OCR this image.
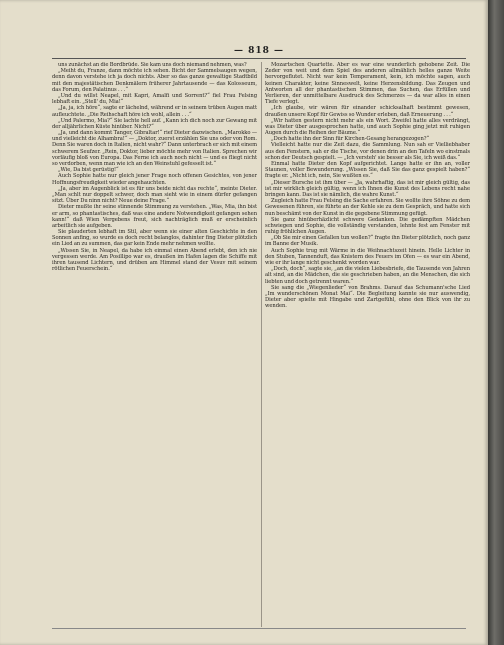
— 818 —

uns zunächst an die Bordbrüde. Sie kam uns doch niemand nehmen, was?

„Meiht du, Franze, dann möchte ich sehen. Bicht der Sammelsaugen wegen, denn davon verstehe ich ja doch nichts. Aber so das ganze gewaltige Stadtbild mit den majestätischen Denkmälern früherer Jahrtausende — das Kolosseum, das Forum, den Palatinus . . .“

„Und du willst Neapel, mit Kapri, Amalfi und Sorrent?“ fiel Frau Felsing lebhaft ein. „Stell' du, Mia!“

„Ja, ja, ich höre“, sagte er lächelnd, während er in seinem trüben Augen matt aufleuchtete. „Die Reihschaft höre ich wohl, allein . . .“

„Und Palermo, Mia?“ Sie lachte hell auf. „Kann ich dich noch zur Gewang mit der alljährlichen Küste hinüber. Nicht?“

„Ja, und dann kommt Tanger, Gibraltar!“ rief Dieter dazwischen. „Marokko — und vielleicht die Alhambra!“ — „Doktor, zuerst erzählen Sie uns oder von Rom. Denn Sie waren doch in Italien, nicht wahr?“ Dann unterbrach er sich mit einem schwerem Seufzer. „Rein, Doktor, lieber möchte mehr von Italien. Sprechen wir vorläufig bloß von Europa. Das Ferne ich auch noch nicht — und es fliegt nicht so verdorben, wenn man wie ich an den Weinstuhl gefesselt ist.“

„Wie, Da bist gerüstig!“

Auch Sophie hatte nur gleich jener Frage noch offenen Gesichtes, von jener Hoffnungsfreudigkeit wieder angehauchten.

„Ja, aber im Augenblick ist es für uns beide nicht das rechte“, meinte Dieter. „Man schlt nur doppelt schwer, doch man sieht wie in einem dürfer gefangen sitzt. Über Du ninn nicht? Neue deine Frage.“

Dieter mußte ihr seine stinnende Stimmung zu verstehen. „Was, Mia, ihn bist er arm, so phantastisches, daß was eine andere Notwendigkeit gefangen sehen kann!“ daß Wien Vergebens freut, sich nachträglich muß er erscheinlich arbeitlich sie aufgeben.

Sie plauderten lebhaft im Stil, aber wenn sie einer alten Geschichte in den Sonnen anfing, so wurde es doch recht belanglos, dahinter fing Dieter plötzlich ein Lied an zu summen, das gar kein Ende mehr nehmen wollte.

„Wissen Sie, in Neapel, da habe ich einmal einen Abend erlebt, den ich nie vergessen werde. Am Posillipo war es, draußen im Hafen lagen die Schiffe mit ihren tausend Lichtern, und drüben am Himmel stand der Vesuv mit seinem rötlichen Feuerschein.“

Mozartschen Quartette. Aber es war eine wunderlich gehobene Zeit. Die Zeder von weit und dem Spiel des anderen allmählich helles ganze Weite hervorgeflutet. Nicht war kein Temperament, kein, ich möchte sagen, auch keinen Charakter, keine Sinneswelt, keine Herzensbildung. Das Zeugen und Antworten all der phantastischen Stimmen, das Suchen, das Erfüllen und Verlieren, der unmittelbare Ausdruck des Schmerzes — da war alles in einen Tiefe verlegt.

„Ich glaube, wir wären für einander schicksalhaft bestimmt gewesen, draußen unsere Kopf für Gewiss so Wunder erleben, daß Erneuerung . . .“

„Wir hatten gestern nicht mehr als ein Wort. Zweifel hatte alles verdrängt, was Dieter über ausgesprochen hatte, und auch Sophie ging jetzt mit ruhigen Augen durch die Reihen der Bäume.“

„Doch hatte ihn der Sinn für Kirchen-Gesang herangezogen?“

Vielleicht hatte nur die Zeit dazu, die Sammlung. Nun sah er Vielliebhaber aus den Fenstern, sah er die Tische, vor denen drin an den Tafeln wo einstmals schon der Deutsch gespielt. — „Ich versteh' sie besser als Sie, ich weiß das.“

Einmal hatte Dieter den Kopf aufgerichtet. Lange hatte er ihn an, voller Staunen, voller Bewunderung. „Wissen Sie, daß Sie das ganz gespielt haben?“ fragte er. „Nicht ich, nein, Sie wußten es.“

„Dieser Bursche ist ihm über — „Ja, wahrhaftig, das ist mir gleich gültig, das ist mir wirklich gleich gültig, wenn ich Ihnen die Kunst des Lebens recht nahe bringen kann. Das ist sie nämlich, die wahre Kunst.“

Zugleich hatte Frau Felsing die Sache erfahren. Sie wollte ihre Söhne zu dem Gewesenen führen, sie führte an der Kehle sie zu dem Gespräch, und hatte sich nun beschämt von der Kunst in die gegebene Stimmung gefügt.

Sie ganz hinüberhäzlicht schwere Gedanken. Die gedämpften Mädchen schwiegen und Sophie, die vollständig verstanden, lehnte fest am Fenster mit ruhig fröhlichen Augen.

„Ob Sie mir einen Gefallen tun wollen?“ fragte ihn Dieter plötzlich, noch ganz im Banne der Musik.

Auch Sophie trug mit Wärme in die Weihnachtszeit hinein. Helle Lichter in den Stuben, Tannenduft, das Knistern des Feuers im Ofen — es war ein Abend, wie er ihr lange nicht geschenkt worden war.

„Doch, doch“, sagte sie, „an die vielen Liebesbriefe, die Tausende von Jahren alt sind, an die Mädchen, die sie geschrieben haben, an die Menschen, die sich liebten und doch getrennt waren.“

Sie sang die „Wiegenlieder“ von Brahms. Darauf das Schumann'sche Lied „Im wunderschönen Monat Mai“. Die Begleitung kannte sie nur auswendig, Dieter aber spielte mit Hingabe und Zartgefühl, ohne den Blick von ihr zu wenden.
